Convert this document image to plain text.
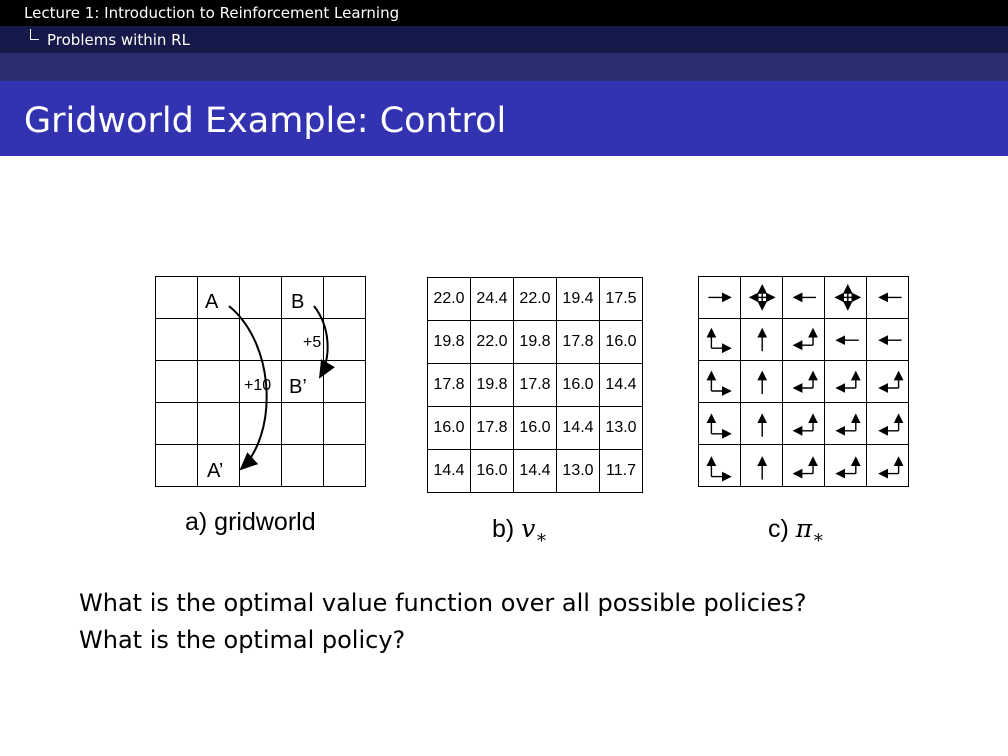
Lecture 1: Introduction to Reinforcement Learning
Problems within RL
Gridworld Example: Control

A	B
+5
+10 B’
A’
a) gridworld
22.0	24.4	22.0	19.4	17.5
19.8	22.0	19.8	17.8	16.0
17.8	19.8	17.8	16.0	14.4
16.0	17.8	16.0	14.4	13.0
14.4	16.0	14.4	13.0	11.7
b) $v_∗$

					c) $\pi_∗$
What is the optimal value function over all possible policies?
What is the optimal policy?
